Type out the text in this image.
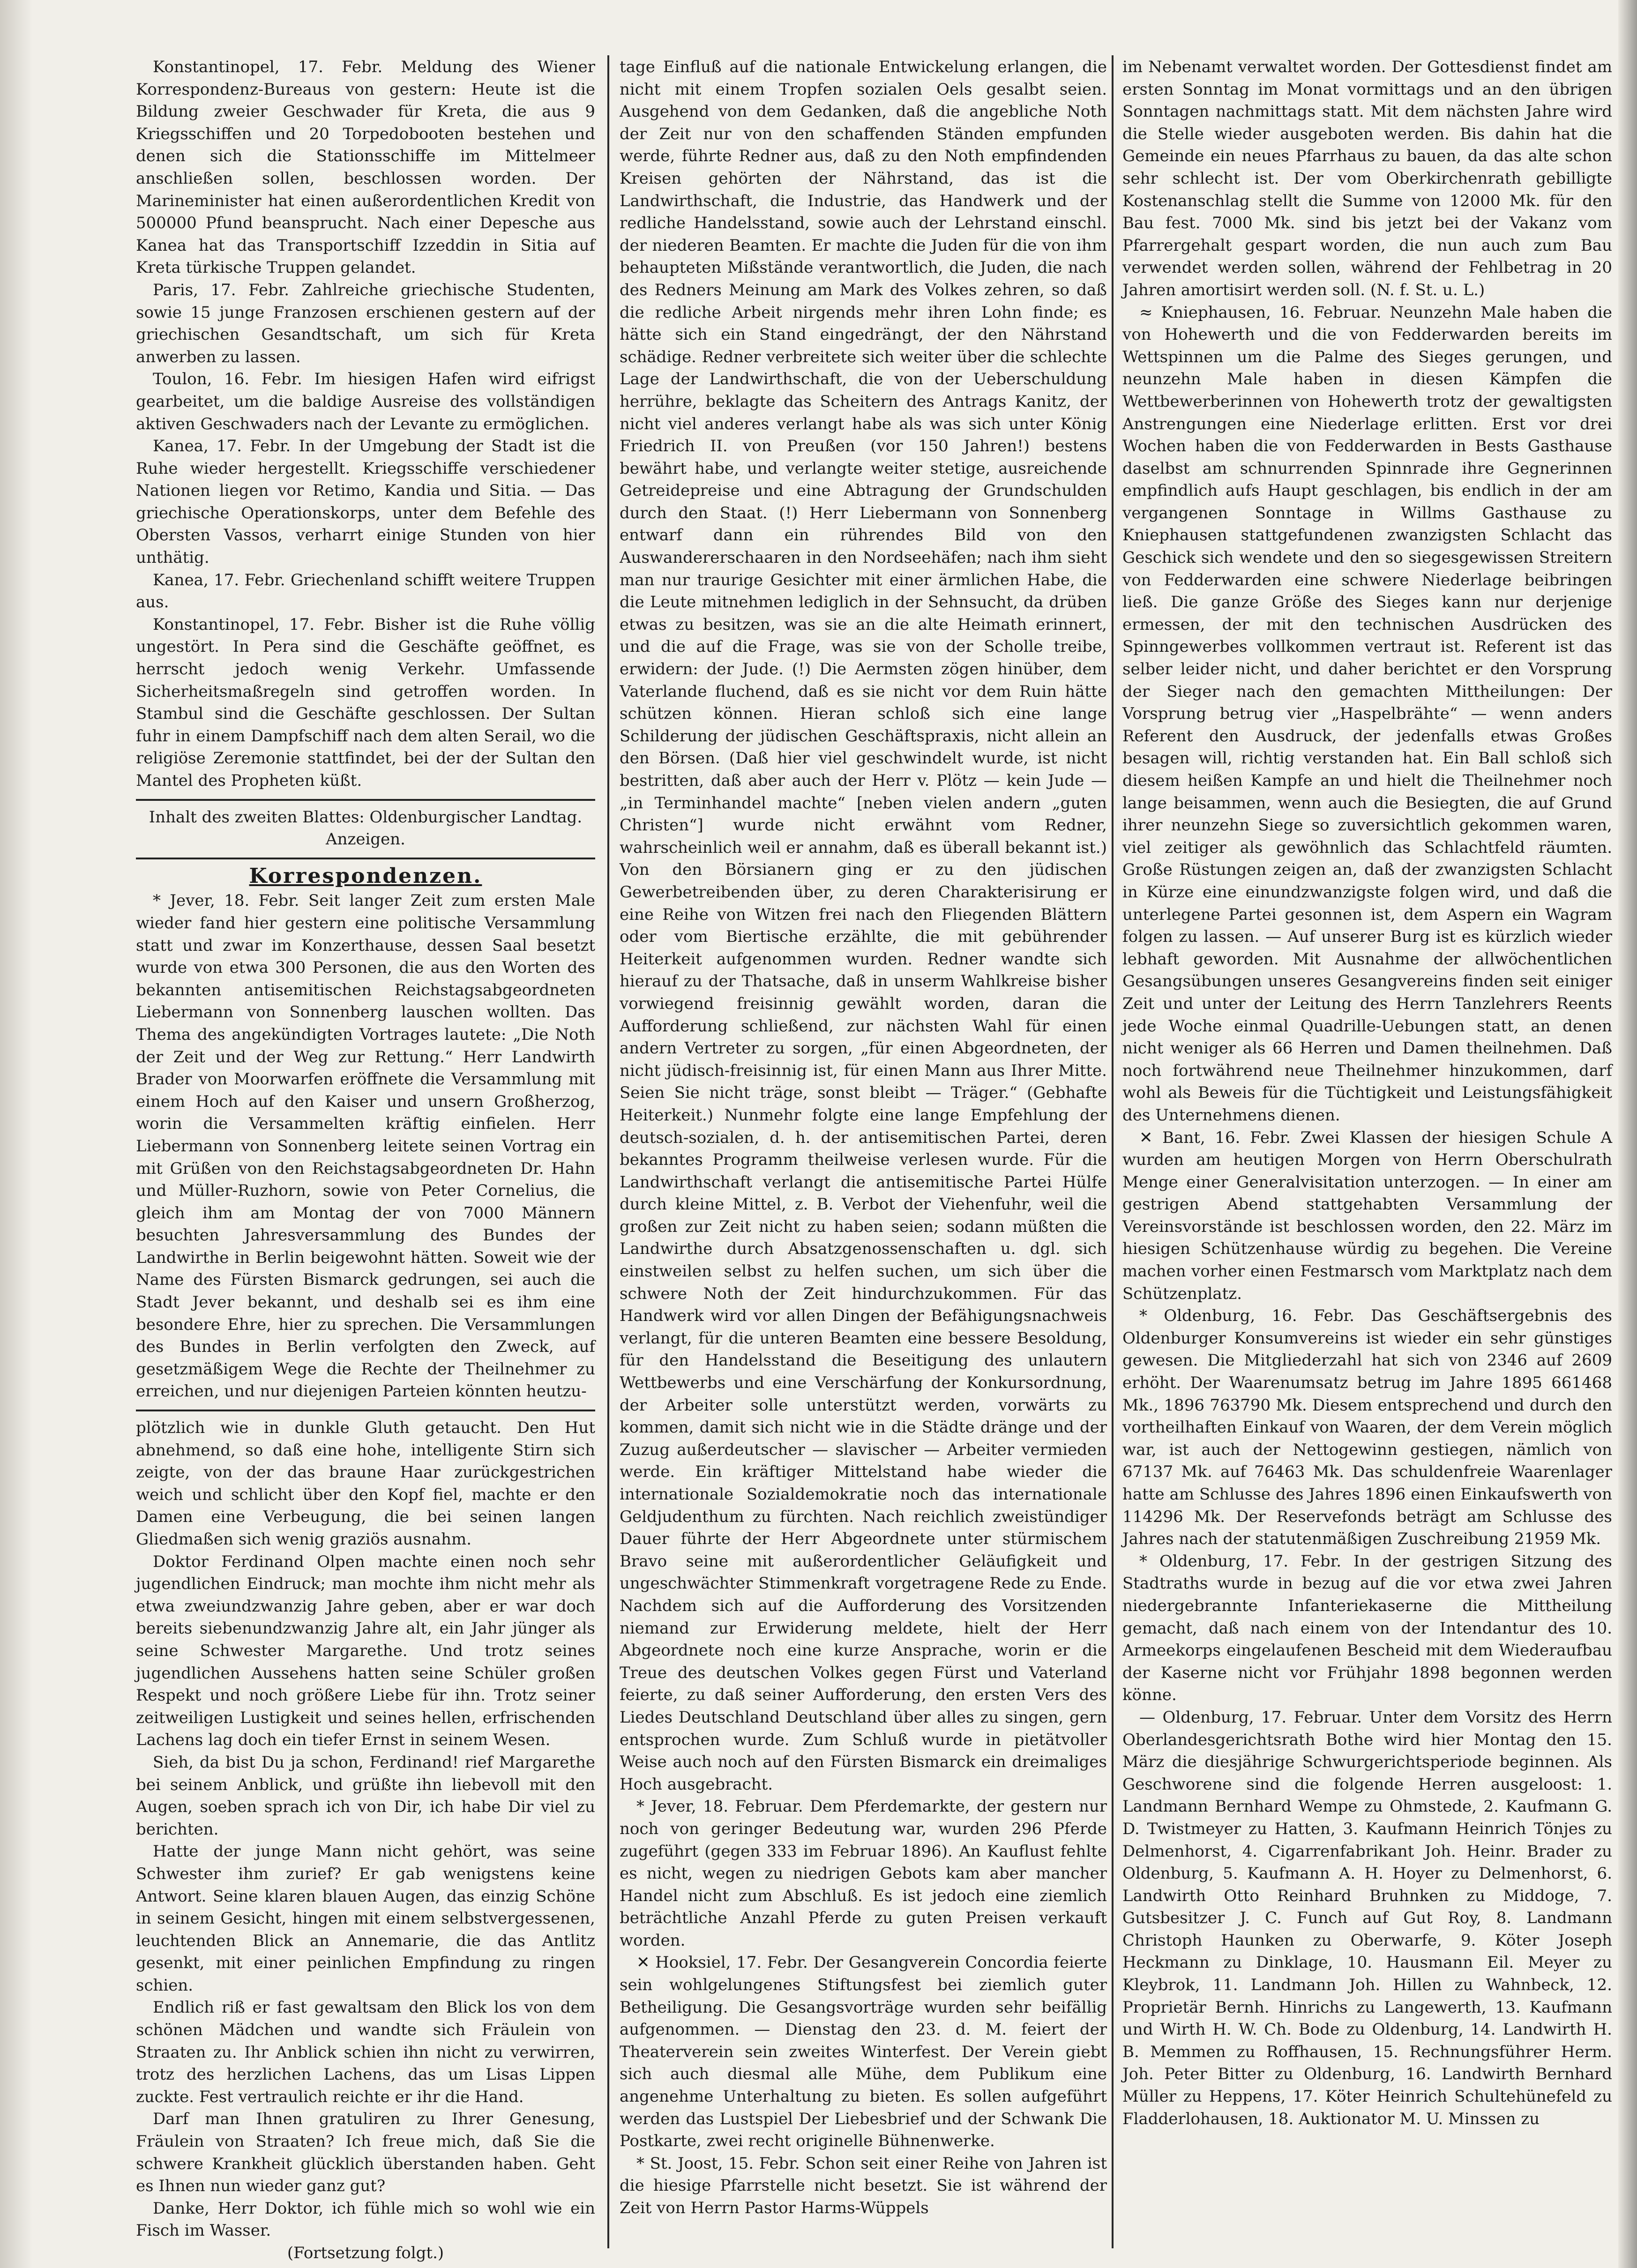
Konstantinopel, 17. Febr. Meldung des Wiener Korrespondenz-Bureaus von gestern: Heute ist die Bildung zweier Geschwader für Kreta, die aus 9 Kriegsschiffen und 20 Torpedobooten bestehen und denen sich die Stationsschiffe im Mittelmeer anschließen sollen, beschlossen worden. Der Marineminister hat einen außerordentlichen Kredit von 500000 Pfund beansprucht. Nach einer Depesche aus Kanea hat das Transportschiff Izzeddin in Sitia auf Kreta türkische Truppen gelandet.

Paris, 17. Febr. Zahlreiche griechische Studenten, sowie 15 junge Franzosen erschienen gestern auf der griechischen Gesandtschaft, um sich für Kreta anwerben zu lassen.

Toulon, 16. Febr. Im hiesigen Hafen wird eifrigst gearbeitet, um die baldige Ausreise des vollständigen aktiven Geschwaders nach der Levante zu ermöglichen.

Kanea, 17. Febr. In der Umgebung der Stadt ist die Ruhe wieder hergestellt. Kriegsschiffe verschiedener Nationen liegen vor Retimo, Kandia und Sitia. — Das griechische Operationskorps, unter dem Befehle des Obersten Vassos, verharrt einige Stunden von hier unthätig.

Kanea, 17. Febr. Griechenland schifft weitere Truppen aus.

Konstantinopel, 17. Febr. Bisher ist die Ruhe völlig ungestört. In Pera sind die Geschäfte geöffnet, es herrscht jedoch wenig Verkehr. Umfassende Sicherheitsmaßregeln sind getroffen worden. In Stambul sind die Geschäfte geschlossen. Der Sultan fuhr in einem Dampfschiff nach dem alten Serail, wo die religiöse Zeremonie stattfindet, bei der der Sultan den Mantel des Propheten küßt.

Inhalt des zweiten Blattes: Oldenburgischer Landtag. Anzeigen.

Korrespondenzen.

* Jever, 18. Febr. Seit langer Zeit zum ersten Male wieder fand hier gestern eine politische Versammlung statt und zwar im Konzerthause, dessen Saal besetzt wurde von etwa 300 Personen, die aus den Worten des bekannten antisemitischen Reichstagsabgeordneten Liebermann von Sonnenberg lauschen wollten. Das Thema des angekündigten Vortrages lautete: „Die Noth der Zeit und der Weg zur Rettung.“ Herr Landwirth Brader von Moorwarfen eröffnete die Versammlung mit einem Hoch auf den Kaiser und unsern Großherzog, worin die Versammelten kräftig einfielen. Herr Liebermann von Sonnenberg leitete seinen Vortrag ein mit Grüßen von den Reichstagsabgeordneten Dr. Hahn und Müller-Ruzhorn, sowie von Peter Cornelius, die gleich ihm am Montag der von 7000 Männern besuchten Jahresversammlung des Bundes der Landwirthe in Berlin beigewohnt hätten. Soweit wie der Name des Fürsten Bismarck gedrungen, sei auch die Stadt Jever bekannt, und deshalb sei es ihm eine besondere Ehre, hier zu sprechen. Die Versammlungen des Bundes in Berlin verfolgten den Zweck, auf gesetzmäßigem Wege die Rechte der Theilnehmer zu erreichen, und nur diejenigen Parteien könnten heutzu-

plötzlich wie in dunkle Gluth getaucht. Den Hut abnehmend, so daß eine hohe, intelligente Stirn sich zeigte, von der das braune Haar zurückgestrichen weich und schlicht über den Kopf fiel, machte er den Damen eine Verbeugung, die bei seinen langen Gliedmaßen sich wenig graziös ausnahm.

Doktor Ferdinand Olpen machte einen noch sehr jugendlichen Eindruck; man mochte ihm nicht mehr als etwa zweiundzwanzig Jahre geben, aber er war doch bereits siebenundzwanzig Jahre alt, ein Jahr jünger als seine Schwester Margarethe. Und trotz seines jugendlichen Aussehens hatten seine Schüler großen Respekt und noch größere Liebe für ihn. Trotz seiner zeitweiligen Lustigkeit und seines hellen, erfrischenden Lachens lag doch ein tiefer Ernst in seinem Wesen.

Sieh, da bist Du ja schon, Ferdinand! rief Margarethe bei seinem Anblick, und grüßte ihn liebevoll mit den Augen, soeben sprach ich von Dir, ich habe Dir viel zu berichten.

Hatte der junge Mann nicht gehört, was seine Schwester ihm zurief? Er gab wenigstens keine Antwort. Seine klaren blauen Augen, das einzig Schöne in seinem Gesicht, hingen mit einem selbstvergessenen, leuchtenden Blick an Annemarie, die das Antlitz gesenkt, mit einer peinlichen Empfindung zu ringen schien.

Endlich riß er fast gewaltsam den Blick los von dem schönen Mädchen und wandte sich Fräulein von Straaten zu. Ihr Anblick schien ihn nicht zu verwirren, trotz des herzlichen Lachens, das um Lisas Lippen zuckte. Fest vertraulich reichte er ihr die Hand.

Darf man Ihnen gratuliren zu Ihrer Genesung, Fräulein von Straaten? Ich freue mich, daß Sie die schwere Krankheit glücklich überstanden haben. Geht es Ihnen nun wieder ganz gut?

Danke, Herr Doktor, ich fühle mich so wohl wie ein Fisch im Wasser.

(Fortsetzung folgt.)

tage Einfluß auf die nationale Entwickelung erlangen, die nicht mit einem Tropfen sozialen Oels gesalbt seien. Ausgehend von dem Gedanken, daß die angebliche Noth der Zeit nur von den schaffenden Ständen empfunden werde, führte Redner aus, daß zu den Noth empfindenden Kreisen gehörten der Nährstand, das ist die Landwirthschaft, die Industrie, das Handwerk und der redliche Handelsstand, sowie auch der Lehrstand einschl. der niederen Beamten. Er machte die Juden für die von ihm behaupteten Mißstände verantwortlich, die Juden, die nach des Redners Meinung am Mark des Volkes zehren, so daß die redliche Arbeit nirgends mehr ihren Lohn finde; es hätte sich ein Stand eingedrängt, der den Nährstand schädige. Redner verbreitete sich weiter über die schlechte Lage der Landwirthschaft, die von der Ueberschuldung herrühre, beklagte das Scheitern des Antrags Kanitz, der nicht viel anderes verlangt habe als was sich unter König Friedrich II. von Preußen (vor 150 Jahren!) bestens bewährt habe, und verlangte weiter stetige, ausreichende Getreidepreise und eine Abtragung der Grundschulden durch den Staat. (!) Herr Liebermann von Sonnenberg entwarf dann ein rührendes Bild von den Auswandererschaaren in den Nordseehäfen; nach ihm sieht man nur traurige Gesichter mit einer ärmlichen Habe, die die Leute mitnehmen lediglich in der Sehnsucht, da drüben etwas zu besitzen, was sie an die alte Heimath erinnert, und die auf die Frage, was sie von der Scholle treibe, erwidern: der Jude. (!) Die Aermsten zögen hinüber, dem Vaterlande fluchend, daß es sie nicht vor dem Ruin hätte schützen können. Hieran schloß sich eine lange Schilderung der jüdischen Geschäftspraxis, nicht allein an den Börsen. (Daß hier viel geschwindelt wurde, ist nicht bestritten, daß aber auch der Herr v. Plötz — kein Jude — „in Terminhandel machte“ [neben vielen andern „guten Christen“] wurde nicht erwähnt vom Redner, wahrscheinlich weil er annahm, daß es überall bekannt ist.) Von den Börsianern ging er zu den jüdischen Gewerbetreibenden über, zu deren Charakterisirung er eine Reihe von Witzen frei nach den Fliegenden Blättern oder vom Biertische erzählte, die mit gebührender Heiterkeit aufgenommen wurden. Redner wandte sich hierauf zu der Thatsache, daß in unserm Wahlkreise bisher vorwiegend freisinnig gewählt worden, daran die Aufforderung schließend, zur nächsten Wahl für einen andern Vertreter zu sorgen, „für einen Abgeordneten, der nicht jüdisch-freisinnig ist, für einen Mann aus Ihrer Mitte. Seien Sie nicht träge, sonst bleibt — Träger.“ (Gebhafte Heiterkeit.) Nunmehr folgte eine lange Empfehlung der deutsch-sozialen, d. h. der antisemitischen Partei, deren bekanntes Programm theilweise verlesen wurde. Für die Landwirthschaft verlangt die antisemitische Partei Hülfe durch kleine Mittel, z. B. Verbot der Viehenfuhr, weil die großen zur Zeit nicht zu haben seien; sodann müßten die Landwirthe durch Absatzgenossenschaften u. dgl. sich einstweilen selbst zu helfen suchen, um sich über die schwere Noth der Zeit hindurchzukommen. Für das Handwerk wird vor allen Dingen der Befähigungsnachweis verlangt, für die unteren Beamten eine bessere Besoldung, für den Handelsstand die Beseitigung des unlautern Wettbewerbs und eine Verschärfung der Konkursordnung, der Arbeiter solle unterstützt werden, vorwärts zu kommen, damit sich nicht wie in die Städte dränge und der Zuzug außerdeutscher — slavischer — Arbeiter vermieden werde. Ein kräftiger Mittelstand habe wieder die internationale Sozialdemokratie noch das internationale Geldjudenthum zu fürchten. Nach reichlich zweistündiger Dauer führte der Herr Abgeordnete unter stürmischem Bravo seine mit außerordentlicher Geläufigkeit und ungeschwächter Stimmenkraft vorgetragene Rede zu Ende. Nachdem sich auf die Aufforderung des Vorsitzenden niemand zur Erwiderung meldete, hielt der Herr Abgeordnete noch eine kurze Ansprache, worin er die Treue des deutschen Volkes gegen Fürst und Vaterland feierte, zu daß seiner Aufforderung, den ersten Vers des Liedes Deutschland Deutschland über alles zu singen, gern entsprochen wurde. Zum Schluß wurde in pietätvoller Weise auch noch auf den Fürsten Bismarck ein dreimaliges Hoch ausgebracht.

* Jever, 18. Februar. Dem Pferdemarkte, der gestern nur noch von geringer Bedeutung war, wurden 296 Pferde zugeführt (gegen 333 im Februar 1896). An Kauflust fehlte es nicht, wegen zu niedrigen Gebots kam aber mancher Handel nicht zum Abschluß. Es ist jedoch eine ziemlich beträchtliche Anzahl Pferde zu guten Preisen verkauft worden.

✕ Hooksiel, 17. Febr. Der Gesangverein Concordia feierte sein wohlgelungenes Stiftungsfest bei ziemlich guter Betheiligung. Die Gesangsvorträge wurden sehr beifällig aufgenommen. — Dienstag den 23. d. M. feiert der Theaterverein sein zweites Winterfest. Der Verein giebt sich auch diesmal alle Mühe, dem Publikum eine angenehme Unterhaltung zu bieten. Es sollen aufgeführt werden das Lustspiel Der Liebesbrief und der Schwank Die Postkarte, zwei recht originelle Bühnenwerke.

* St. Joost, 15. Febr. Schon seit einer Reihe von Jahren ist die hiesige Pfarrstelle nicht besetzt. Sie ist während der Zeit von Herrn Pastor Harms-Wüppels

im Nebenamt verwaltet worden. Der Gottesdienst findet am ersten Sonntag im Monat vormittags und an den übrigen Sonntagen nachmittags statt. Mit dem nächsten Jahre wird die Stelle wieder ausgeboten werden. Bis dahin hat die Gemeinde ein neues Pfarrhaus zu bauen, da das alte schon sehr schlecht ist. Der vom Oberkirchenrath gebilligte Kostenanschlag stellt die Summe von 12000 Mk. für den Bau fest. 7000 Mk. sind bis jetzt bei der Vakanz vom Pfarrergehalt gespart worden, die nun auch zum Bau verwendet werden sollen, während der Fehlbetrag in 20 Jahren amortisirt werden soll. (N. f. St. u. L.)

≈ Kniephausen, 16. Februar. Neunzehn Male haben die von Hohewerth und die von Fedderwarden bereits im Wettspinnen um die Palme des Sieges gerungen, und neunzehn Male haben in diesen Kämpfen die Wettbewerberinnen von Hohewerth trotz der gewaltigsten Anstrengungen eine Niederlage erlitten. Erst vor drei Wochen haben die von Fedderwarden in Bests Gasthause daselbst am schnurrenden Spinnrade ihre Gegnerinnen empfindlich aufs Haupt geschlagen, bis endlich in der am vergangenen Sonntage in Willms Gasthause zu Kniephausen stattgefundenen zwanzigsten Schlacht das Geschick sich wendete und den so siegesgewissen Streitern von Fedderwarden eine schwere Niederlage beibringen ließ. Die ganze Größe des Sieges kann nur derjenige ermessen, der mit den technischen Ausdrücken des Spinngewerbes vollkommen vertraut ist. Referent ist das selber leider nicht, und daher berichtet er den Vorsprung der Sieger nach den gemachten Mittheilungen: Der Vorsprung betrug vier „Haspelbrähte“ — wenn anders Referent den Ausdruck, der jedenfalls etwas Großes besagen will, richtig verstanden hat. Ein Ball schloß sich diesem heißen Kampfe an und hielt die Theilnehmer noch lange beisammen, wenn auch die Besiegten, die auf Grund ihrer neunzehn Siege so zuversichtlich gekommen waren, viel zeitiger als gewöhnlich das Schlachtfeld räumten. Große Rüstungen zeigen an, daß der zwanzigsten Schlacht in Kürze eine einundzwanzigste folgen wird, und daß die unterlegene Partei gesonnen ist, dem Aspern ein Wagram folgen zu lassen. — Auf unserer Burg ist es kürzlich wieder lebhaft geworden. Mit Ausnahme der allwöchentlichen Gesangsübungen unseres Gesangvereins finden seit einiger Zeit und unter der Leitung des Herrn Tanzlehrers Reents jede Woche einmal Quadrille-Uebungen statt, an denen nicht weniger als 66 Herren und Damen theilnehmen. Daß noch fortwährend neue Theilnehmer hinzukommen, darf wohl als Beweis für die Tüchtigkeit und Leistungsfähigkeit des Unternehmens dienen.

✕ Bant, 16. Febr. Zwei Klassen der hiesigen Schule A wurden am heutigen Morgen von Herrn Oberschulrath Menge einer Generalvisitation unterzogen. — In einer am gestrigen Abend stattgehabten Versammlung der Vereinsvorstände ist beschlossen worden, den 22. März im hiesigen Schützenhause würdig zu begehen. Die Vereine machen vorher einen Festmarsch vom Marktplatz nach dem Schützenplatz.

* Oldenburg, 16. Febr. Das Geschäftsergebnis des Oldenburger Konsumvereins ist wieder ein sehr günstiges gewesen. Die Mitgliederzahl hat sich von 2346 auf 2609 erhöht. Der Waarenumsatz betrug im Jahre 1895 661468 Mk., 1896 763790 Mk. Diesem entsprechend und durch den vortheilhaften Einkauf von Waaren, der dem Verein möglich war, ist auch der Nettogewinn gestiegen, nämlich von 67137 Mk. auf 76463 Mk. Das schuldenfreie Waarenlager hatte am Schlusse des Jahres 1896 einen Einkaufswerth von 114296 Mk. Der Reservefonds beträgt am Schlusse des Jahres nach der statutenmäßigen Zuschreibung 21959 Mk.

* Oldenburg, 17. Febr. In der gestrigen Sitzung des Stadtraths wurde in bezug auf die vor etwa zwei Jahren niedergebrannte Infanteriekaserne die Mittheilung gemacht, daß nach einem von der Intendantur des 10. Armeekorps eingelaufenen Bescheid mit dem Wiederaufbau der Kaserne nicht vor Frühjahr 1898 begonnen werden könne.

— Oldenburg, 17. Februar. Unter dem Vorsitz des Herrn Oberlandesgerichtsrath Bothe wird hier Montag den 15. März die diesjährige Schwurgerichtsperiode beginnen. Als Geschworene sind die folgende Herren ausgeloost: 1. Landmann Bernhard Wempe zu Ohmstede, 2. Kaufmann G. D. Twistmeyer zu Hatten, 3. Kaufmann Heinrich Tönjes zu Delmenhorst, 4. Cigarrenfabrikant Joh. Heinr. Brader zu Oldenburg, 5. Kaufmann A. H. Hoyer zu Delmenhorst, 6. Landwirth Otto Reinhard Bruhnken zu Middoge, 7. Gutsbesitzer J. C. Funch auf Gut Roy, 8. Landmann Christoph Haunken zu Oberwarfe, 9. Köter Joseph Heckmann zu Dinklage, 10. Hausmann Eil. Meyer zu Kleybrok, 11. Landmann Joh. Hillen zu Wahnbeck, 12. Proprietär Bernh. Hinrichs zu Langewerth, 13. Kaufmann und Wirth H. W. Ch. Bode zu Oldenburg, 14. Landwirth H. B. Memmen zu Roffhausen, 15. Rechnungsführer Herm. Joh. Peter Bitter zu Oldenburg, 16. Landwirth Bernhard Müller zu Heppens, 17. Köter Heinrich Schultehünefeld zu Fladderlohausen, 18. Auktionator M. U. Minssen zu
